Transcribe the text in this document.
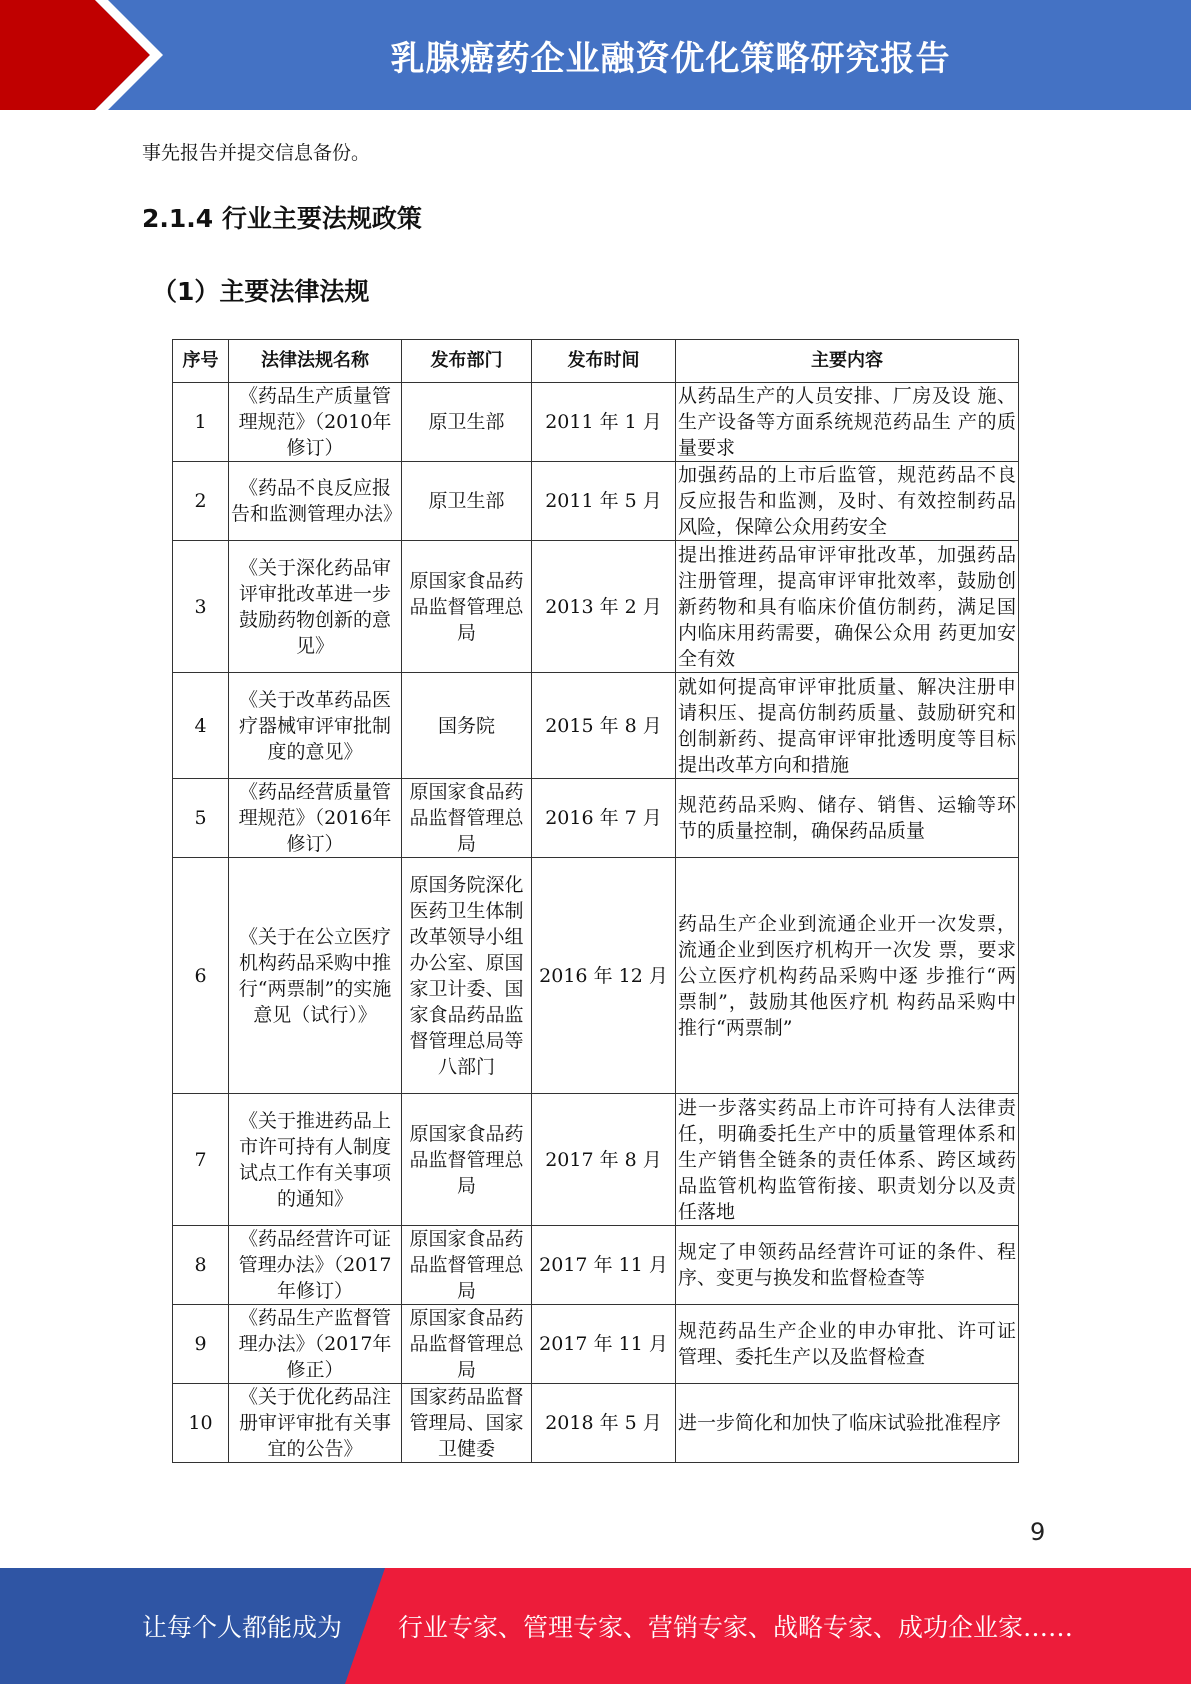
乳腺癌药企业融资优化策略研究报告
事先报告并提交信息备份。
2.1.4 行业主要法规政策
（1）主要法律法规
序号	法律法规名称	发布部门	发布时间	主要内容
1	《药品生产质量管理规范》（2010年修订）	原卫生部	2011 年 1 月	从药品生产的人员安排、厂房及设 施、生产设备等方面系统规范药品生 产的质量要求
2	《药品不良反应报告和监测管理办法》	原卫生部	2011 年 5 月	加强药品的上市后监管，规范药品不良反应报告和监测，及时、有效控制药品风险，保障公众用药安全
3	《关于深化药品审评审批改革进一步鼓励药物创新的意见》	原国家食品药品监督管理总局	2013 年 2 月	提出推进药品审评审批改革，加强药品注册管理，提高审评审批效率，鼓励创新药物和具有临床价值仿制药，满足国内临床用药需要，确保公众用 药更加安全有效
4	《关于改革药品医疗器械审评审批制度的意见》	国务院	2015 年 8 月	就如何提高审评审批质量、解决注册申请积压、提高仿制药质量、鼓励研究和创制新药、提高审评审批透明度等目标提出改革方向和措施
5	《药品经营质量管理规范》（2016年修订）	原国家食品药品监督管理总局	2016 年 7 月	规范药品采购、储存、销售、运输等环节的质量控制，确保药品质量
6	《关于在公立医疗机构药品采购中推行“两票制”的实施意见（试行）》	原国务院深化医药卫生体制改革领导小组办公室、原国家卫计委、国家食品药品监督管理总局等八部门	2016 年 12 月	药品生产企业到流通企业开一次发票，流通企业到医疗机构开一次发 票，要求公立医疗机构药品采购中逐 步推行“两票制”，鼓励其他医疗机 构药品采购中推行“两票制”
7	《关于推进药品上市许可持有人制度试点工作有关事项的通知》	原国家食品药品监督管理总局	2017 年 8 月	进一步落实药品上市许可持有人法律责任，明确委托生产中的质量管理体系和生产销售全链条的责任体系、跨区域药品监管机构监管衔接、职责划分以及责任落地
8	《药品经营许可证管理办法》（2017年修订）	原国家食品药品监督管理总局	2017 年 11 月	规定了申领药品经营许可证的条件、程序、变更与换发和监督检查等
9	《药品生产监督管理办法》（2017年修正）	原国家食品药品监督管理总局	2017 年 11 月	规范药品生产企业的申办审批、许可证管理、委托生产以及监督检查
10	《关于优化药品注册审评审批有关事宜的公告》	国家药品监督管理局、国家卫健委	2018 年 5 月	进一步简化和加快了临床试验批准程序
9
让每个人都能成为 行业专家、管理专家、营销专家、战略专家、成功企业家……
